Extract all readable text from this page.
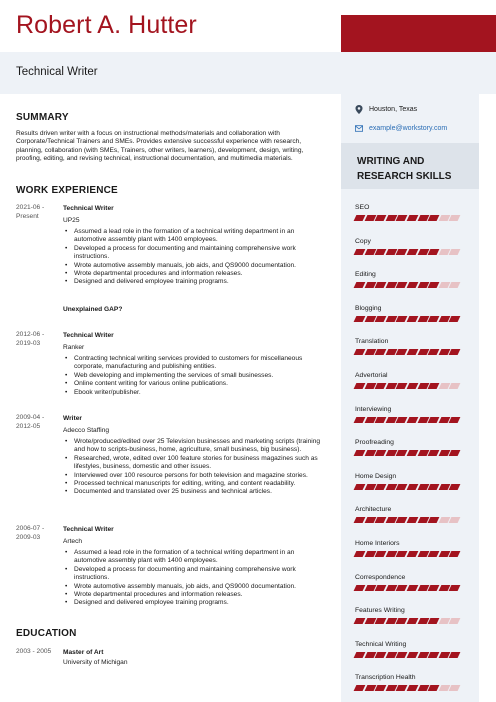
Robert A. Hutter
Technical Writer
Houston, Texas
example@workstory.com
WRITING AND RESEARCH SKILLS
SEO
Copy
Editing
Blogging
Translation
Advertorial
Interviewing
Proofreading
Home Design
Architecture
Home Interiors
Correspondence
Features Writing
Technical Writing
Transcription Health
SUMMARY
Results driven writer with a focus on instructional methods/materials and collaboration with Corporate/Technical Trainers and SMEs. Provides extensive successful experience with research, planning, collaboration (with SMEs, Trainers, other writers, learners), development, design, writing, proofing, editing, and revising technical, instructional documentation, and multimedia materials.
WORK EXPERIENCE
2021-06 - Present
Technical Writer
UP25
• Assumed a lead role in the formation of a technical writing department in an automotive assembly plant with 1400 employees.
• Developed a process for documenting and maintaining comprehensive work instructions.
• Wrote automotive assembly manuals, job aids, and QS9000 documentation.
• Wrote departmental procedures and information releases.
• Designed and delivered employee training programs.
Unexplained GAP?
2012-06 - 2019-03
Technical Writer
Ranker
• Contracting technical writing services provided to customers for miscellaneous corporate, manufacturing and publishing entities.
• Web developing and implementing the services of small businesses.
• Online content writing for various online publications.
• Ebook writer/publisher.
2009-04 - 2012-05
Writer
Adecco Staffing
• Wrote/produced/edited over 25 Television businesses and marketing scripts (training and how to scripts-business, home, agriculture, small business, big business).
• Researched, wrote, edited over 100 feature stories for business magazines such as lifestyles, business, domestic and other issues.
• Interviewed over 100 resource persons for both television and magazine stories.
• Processed technical manuscripts for editing, writing, and content readability.
• Documented and translated over 25 business and technical articles.
2006-07 - 2009-03
Technical Writer
Artech
• Assumed a lead role in the formation of a technical writing department in an automotive assembly plant with 1400 employees.
• Developed a process for documenting and maintaining comprehensive work instructions.
• Wrote automotive assembly manuals, job aids, and QS9000 documentation.
• Wrote departmental procedures and information releases.
• Designed and delivered employee training programs.
EDUCATION
2003 - 2005	Master of Art
University of Michigan
